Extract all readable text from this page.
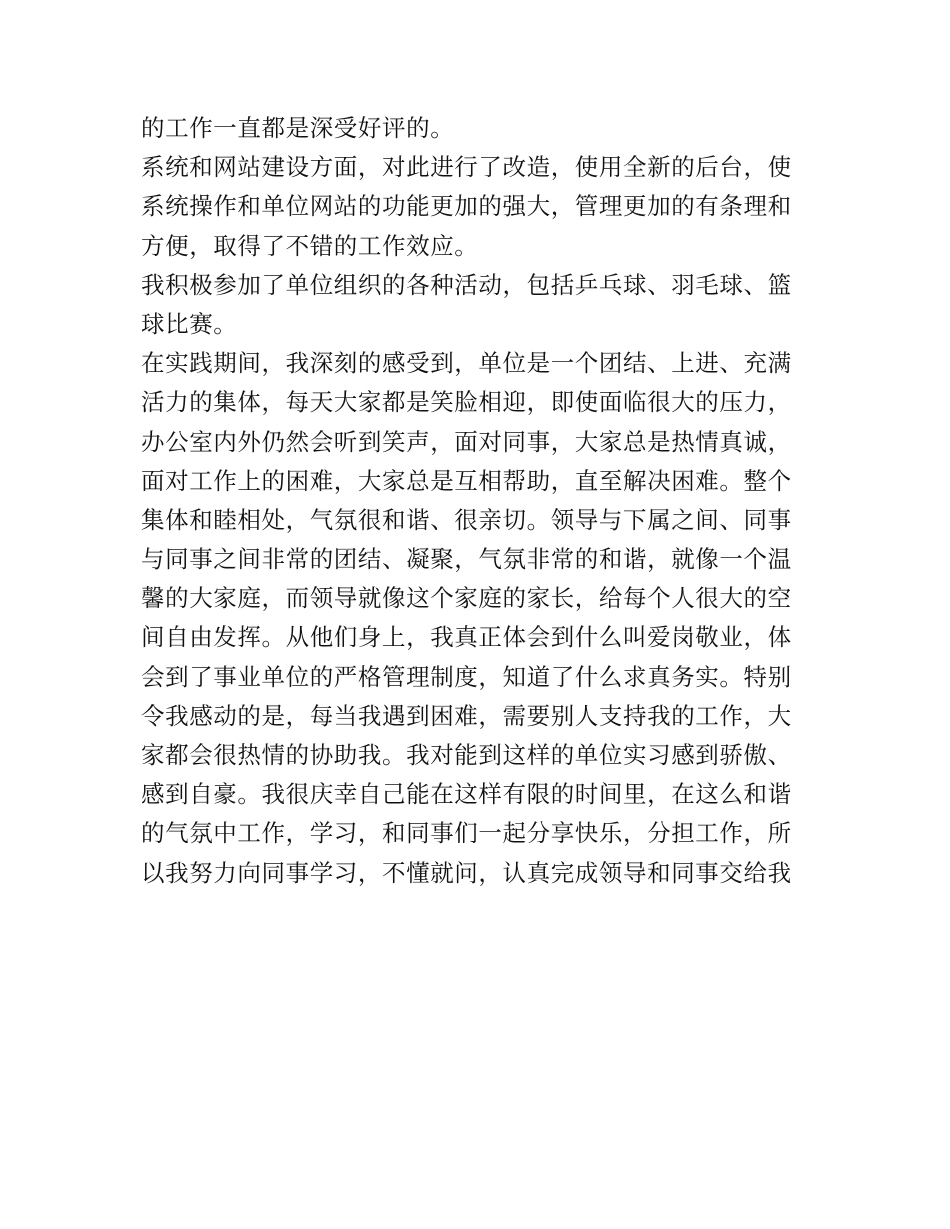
的工作一直都是深受好评的。
系统和网站建设方面，对此进行了改造，使用全新的后台，使
系统操作和单位网站的功能更加的强大，管理更加的有条理和
方便，取得了不错的工作效应。
我积极参加了单位组织的各种活动，包括乒乓球、羽毛球、篮
球比赛。
在实践期间，我深刻的感受到，单位是一个团结、上进、充满
活力的集体，每天大家都是笑脸相迎，即使面临很大的压力，
办公室内外仍然会听到笑声，面对同事，大家总是热情真诚，
面对工作上的困难，大家总是互相帮助，直至解决困难。整个
集体和睦相处，气氛很和谐、很亲切。领导与下属之间、同事
与同事之间非常的团结、凝聚，气氛非常的和谐，就像一个温
馨的大家庭，而领导就像这个家庭的家长，给每个人很大的空
间自由发挥。从他们身上，我真正体会到什么叫爱岗敬业，体
会到了事业单位的严格管理制度，知道了什么求真务实。特别
令我感动的是，每当我遇到困难，需要别人支持我的工作，大
家都会很热情的协助我。我对能到这样的单位实习感到骄傲、
感到自豪。我很庆幸自己能在这样有限的时间里，在这么和谐
的气氛中工作，学习，和同事们一起分享快乐，分担工作，所
以我努力向同事学习，不懂就问，认真完成领导和同事交给我
